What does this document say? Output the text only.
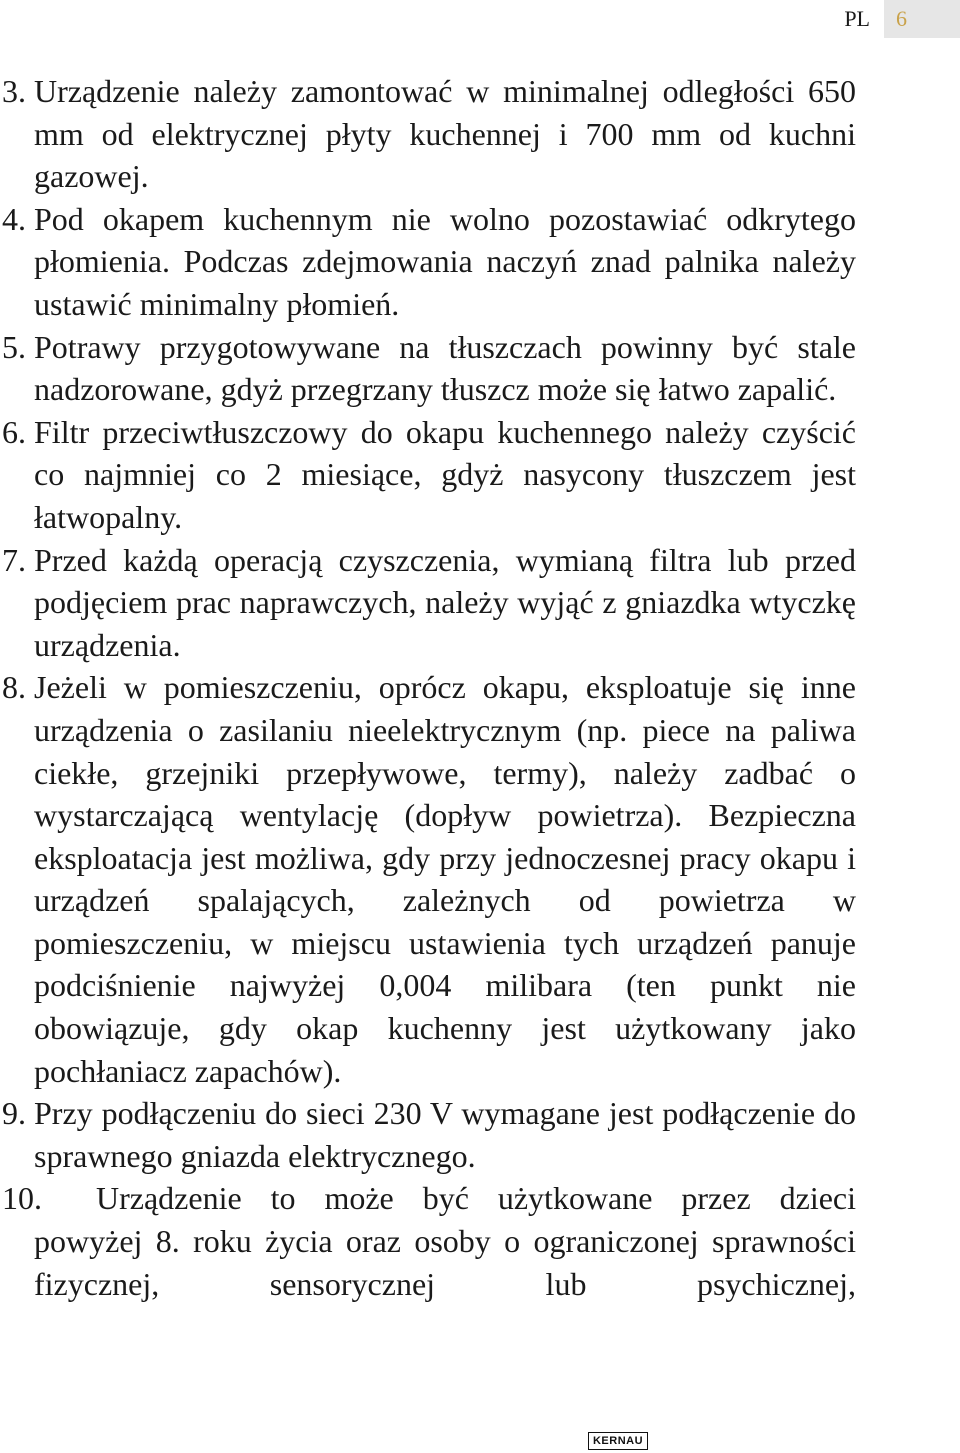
PL	6
3. Urządzenie należy zamontować w minimalnej odległości 650 mm od elektrycznej płyty kuchennej i 700 mm od kuchni gazowej.
4. Pod okapem kuchennym nie wolno pozostawiać odkrytego płomienia. Podczas zdejmowania naczyń znad palnika należy ustawić minimalny płomień.
5. Potrawy przygotowywane na tłuszczach powinny być stale nadzorowane, gdyż przegrzany tłuszcz może się łatwo zapalić.
6. Filtr przeciwtłuszczowy do okapu kuchennego należy czyścić co najmniej co 2 miesiące, gdyż nasycony tłuszczem jest łatwopalny.
7. Przed każdą operacją czyszczenia, wymianą filtra lub przed podjęciem prac naprawczych, należy wyjąć z gniazdka wtyczkę urządzenia.
8. Jeżeli w pomieszczeniu, oprócz okapu, eksploatuje się inne urządzenia o zasilaniu nieelektrycznym (np. piece na paliwa ciekłe, grzejniki przepływowe, termy), należy zadbać o wystarczającą wentylację (dopływ powietrza). Bezpieczna eksploatacja jest możliwa, gdy przy jednoczesnej pracy okapu i urządzeń spalających, zależnych od powietrza w pomieszczeniu, w miejscu ustawienia tych urządzeń panuje podciśnienie najwyżej 0,004 milibara (ten punkt nie obowiązuje, gdy okap kuchenny jest użytkowany jako pochłaniacz zapachów).
9. Przy podłączeniu do sieci 230 V wymagane jest podłączenie do sprawnego gniazda elektrycznego.
10.	Urządzenie to może być użytkowane przez dzieci
powyżej 8. roku życia oraz osoby o ograniczonej sprawności fizycznej, sensorycznej lub psychicznej,
KERNAU
